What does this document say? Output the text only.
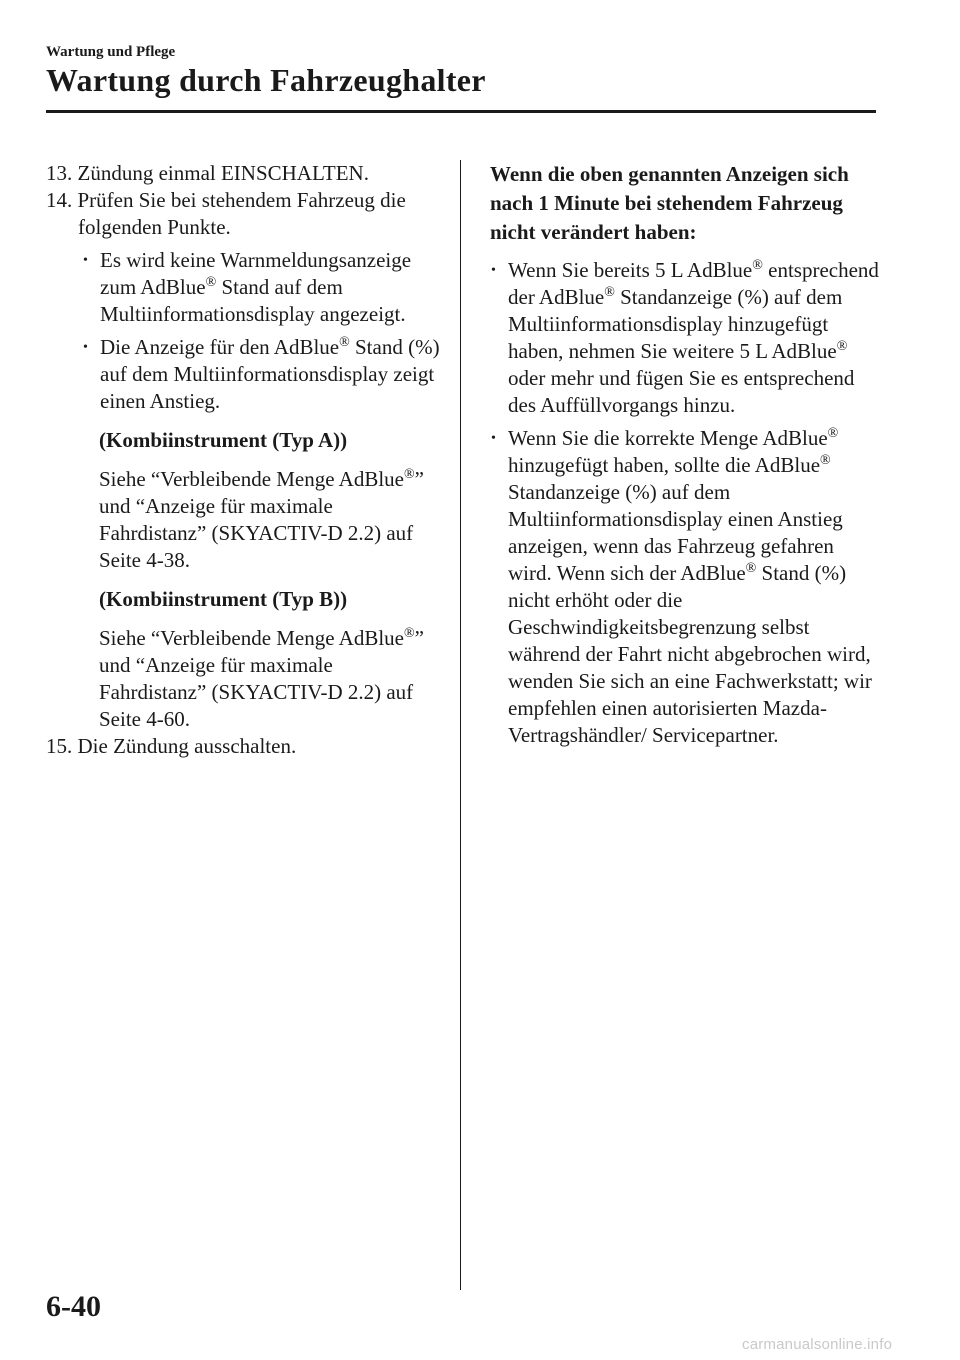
Wartung und Pflege

Wartung durch Fahrzeughalter

13. Zündung einmal EINSCHALTEN.

14. Prüfen Sie bei stehendem Fahrzeug die folgenden Punkte.

• Es wird keine Warnmeldungsanzeige zum AdBlue® Stand auf dem Multiinformationsdisplay angezeigt.

• Die Anzeige für den AdBlue® Stand (%) auf dem Multiinformationsdisplay zeigt einen Anstieg.

(Kombiinstrument (Typ A))

Siehe “Verbleibende Menge AdBlue®” und “Anzeige für maximale Fahrdistanz” (SKYACTIV-D 2.2) auf Seite 4-38.

(Kombiinstrument (Typ B))

Siehe “Verbleibende Menge AdBlue®” und “Anzeige für maximale Fahrdistanz” (SKYACTIV-D 2.2) auf Seite 4-60.

15. Die Zündung ausschalten.

Wenn die oben genannten Anzeigen sich nach 1 Minute bei stehendem Fahrzeug nicht verändert haben:

• Wenn Sie bereits 5 L AdBlue® entsprechend der AdBlue® Standanzeige (%) auf dem Multiinformationsdisplay hinzugefügt haben, nehmen Sie weitere 5 L AdBlue® oder mehr und fügen Sie es entsprechend des Auffüllvorgangs hinzu.

• Wenn Sie die korrekte Menge AdBlue® hinzugefügt haben, sollte die AdBlue® Standanzeige (%) auf dem Multiinformationsdisplay einen Anstieg anzeigen, wenn das Fahrzeug gefahren wird. Wenn sich der AdBlue® Stand (%) nicht erhöht oder die Geschwindigkeitsbegrenzung selbst während der Fahrt nicht abgebrochen wird, wenden Sie sich an eine Fachwerkstatt; wir empfehlen einen autorisierten Mazda-Vertragshändler/ Servicepartner.

6-40
carmanualsonline.info
